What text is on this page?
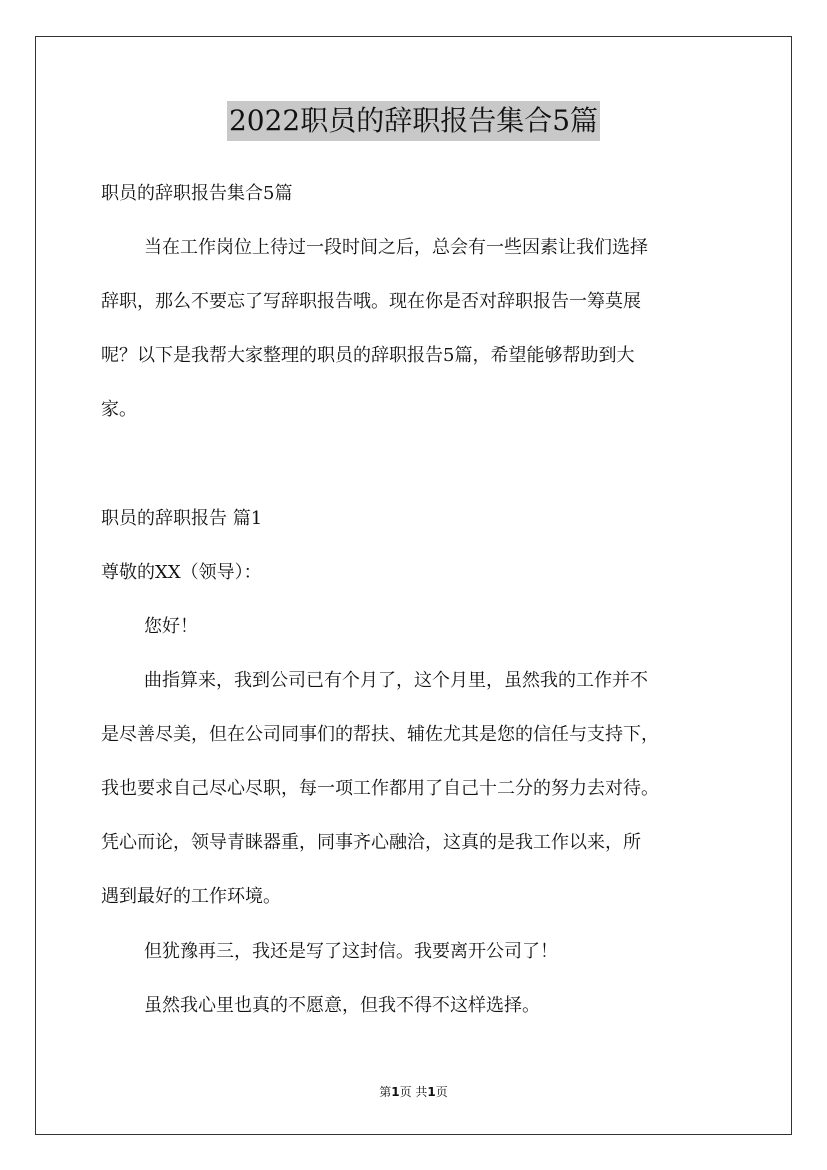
2022职员的辞职报告集合5篇
职员的辞职报告集合5篇
当在工作岗位上待过一段时间之后，总会有一些因素让我们选择
辞职，那么不要忘了写辞职报告哦。现在你是否对辞职报告一筹莫展
呢？以下是我帮大家整理的职员的辞职报告5篇，希望能够帮助到大
家。
职员的辞职报告 篇1
尊敬的XX（领导）：
您好！
曲指算来，我到公司已有个月了，这个月里，虽然我的工作并不
是尽善尽美，但在公司同事们的帮扶、辅佐尤其是您的信任与支持下，
我也要求自己尽心尽职，每一项工作都用了自己十二分的努力去对待。
凭心而论，领导青睐器重，同事齐心融洽，这真的是我工作以来，所
遇到最好的工作环境。
但犹豫再三，我还是写了这封信。我要离开公司了！
虽然我心里也真的不愿意，但我不得不这样选择。
第1页 共1页
